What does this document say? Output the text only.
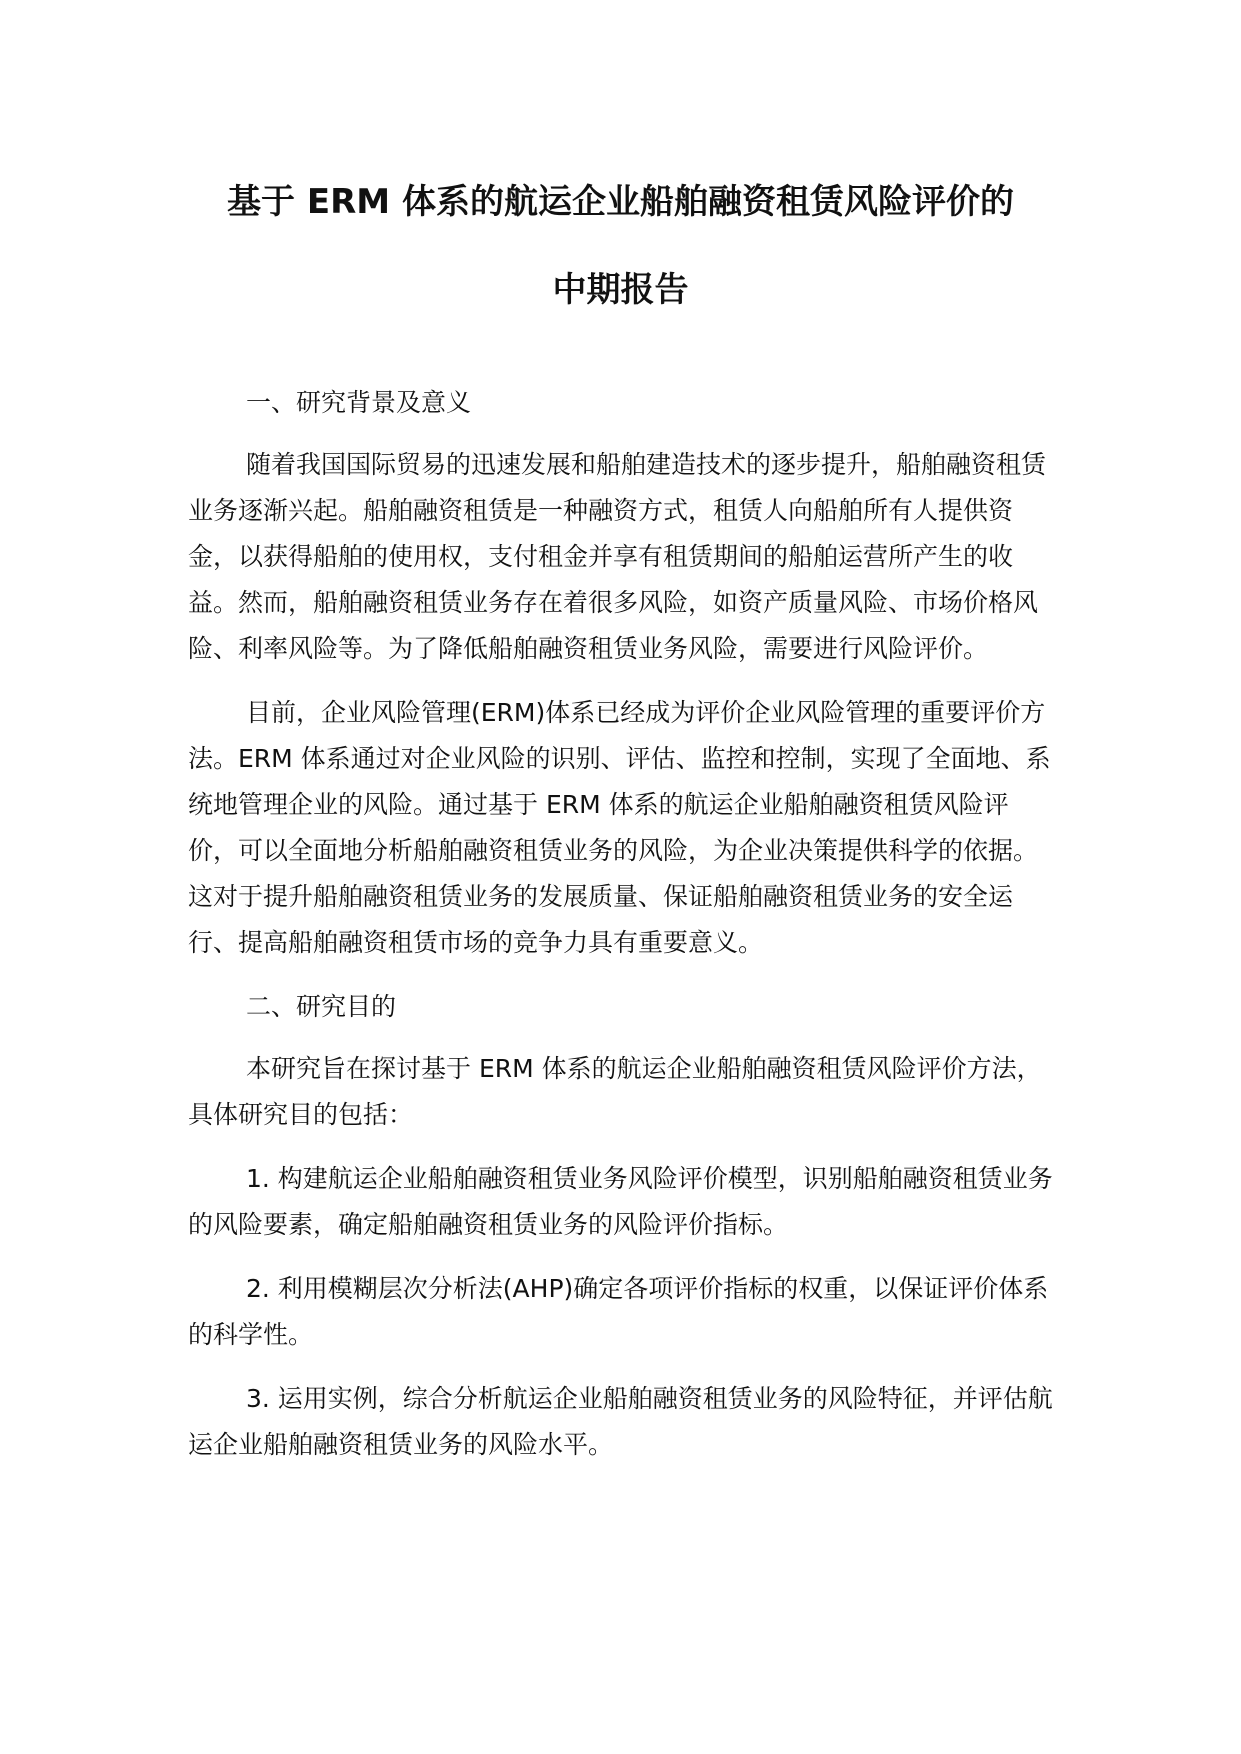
基于 ERM 体系的航运企业船舶融资租赁风险评价的
中期报告

一、研究背景及意义

随着我国国际贸易的迅速发展和船舶建造技术的逐步提升，船舶融资租赁业务逐渐兴起。船舶融资租赁是一种融资方式，租赁人向船舶所有人提供资金，以获得船舶的使用权，支付租金并享有租赁期间的船舶运营所产生的收益。然而，船舶融资租赁业务存在着很多风险，如资产质量风险、市场价格风险、利率风险等。为了降低船舶融资租赁业务风险，需要进行风险评价。

目前，企业风险管理(ERM)体系已经成为评价企业风险管理的重要评价方法。ERM 体系通过对企业风险的识别、评估、监控和控制，实现了全面地、系统地管理企业的风险。通过基于 ERM 体系的航运企业船舶融资租赁风险评价，可以全面地分析船舶融资租赁业务的风险，为企业决策提供科学的依据。这对于提升船舶融资租赁业务的发展质量、保证船舶融资租赁业务的安全运行、提高船舶融资租赁市场的竞争力具有重要意义。

二、研究目的

本研究旨在探讨基于 ERM 体系的航运企业船舶融资租赁风险评价方法，具体研究目的包括：

1. 构建航运企业船舶融资租赁业务风险评价模型，识别船舶融资租赁业务的风险要素，确定船舶融资租赁业务的风险评价指标。

2. 利用模糊层次分析法(AHP)确定各项评价指标的权重，以保证评价体系的科学性。

3. 运用实例，综合分析航运企业船舶融资租赁业务的风险特征，并评估航运企业船舶融资租赁业务的风险水平。
